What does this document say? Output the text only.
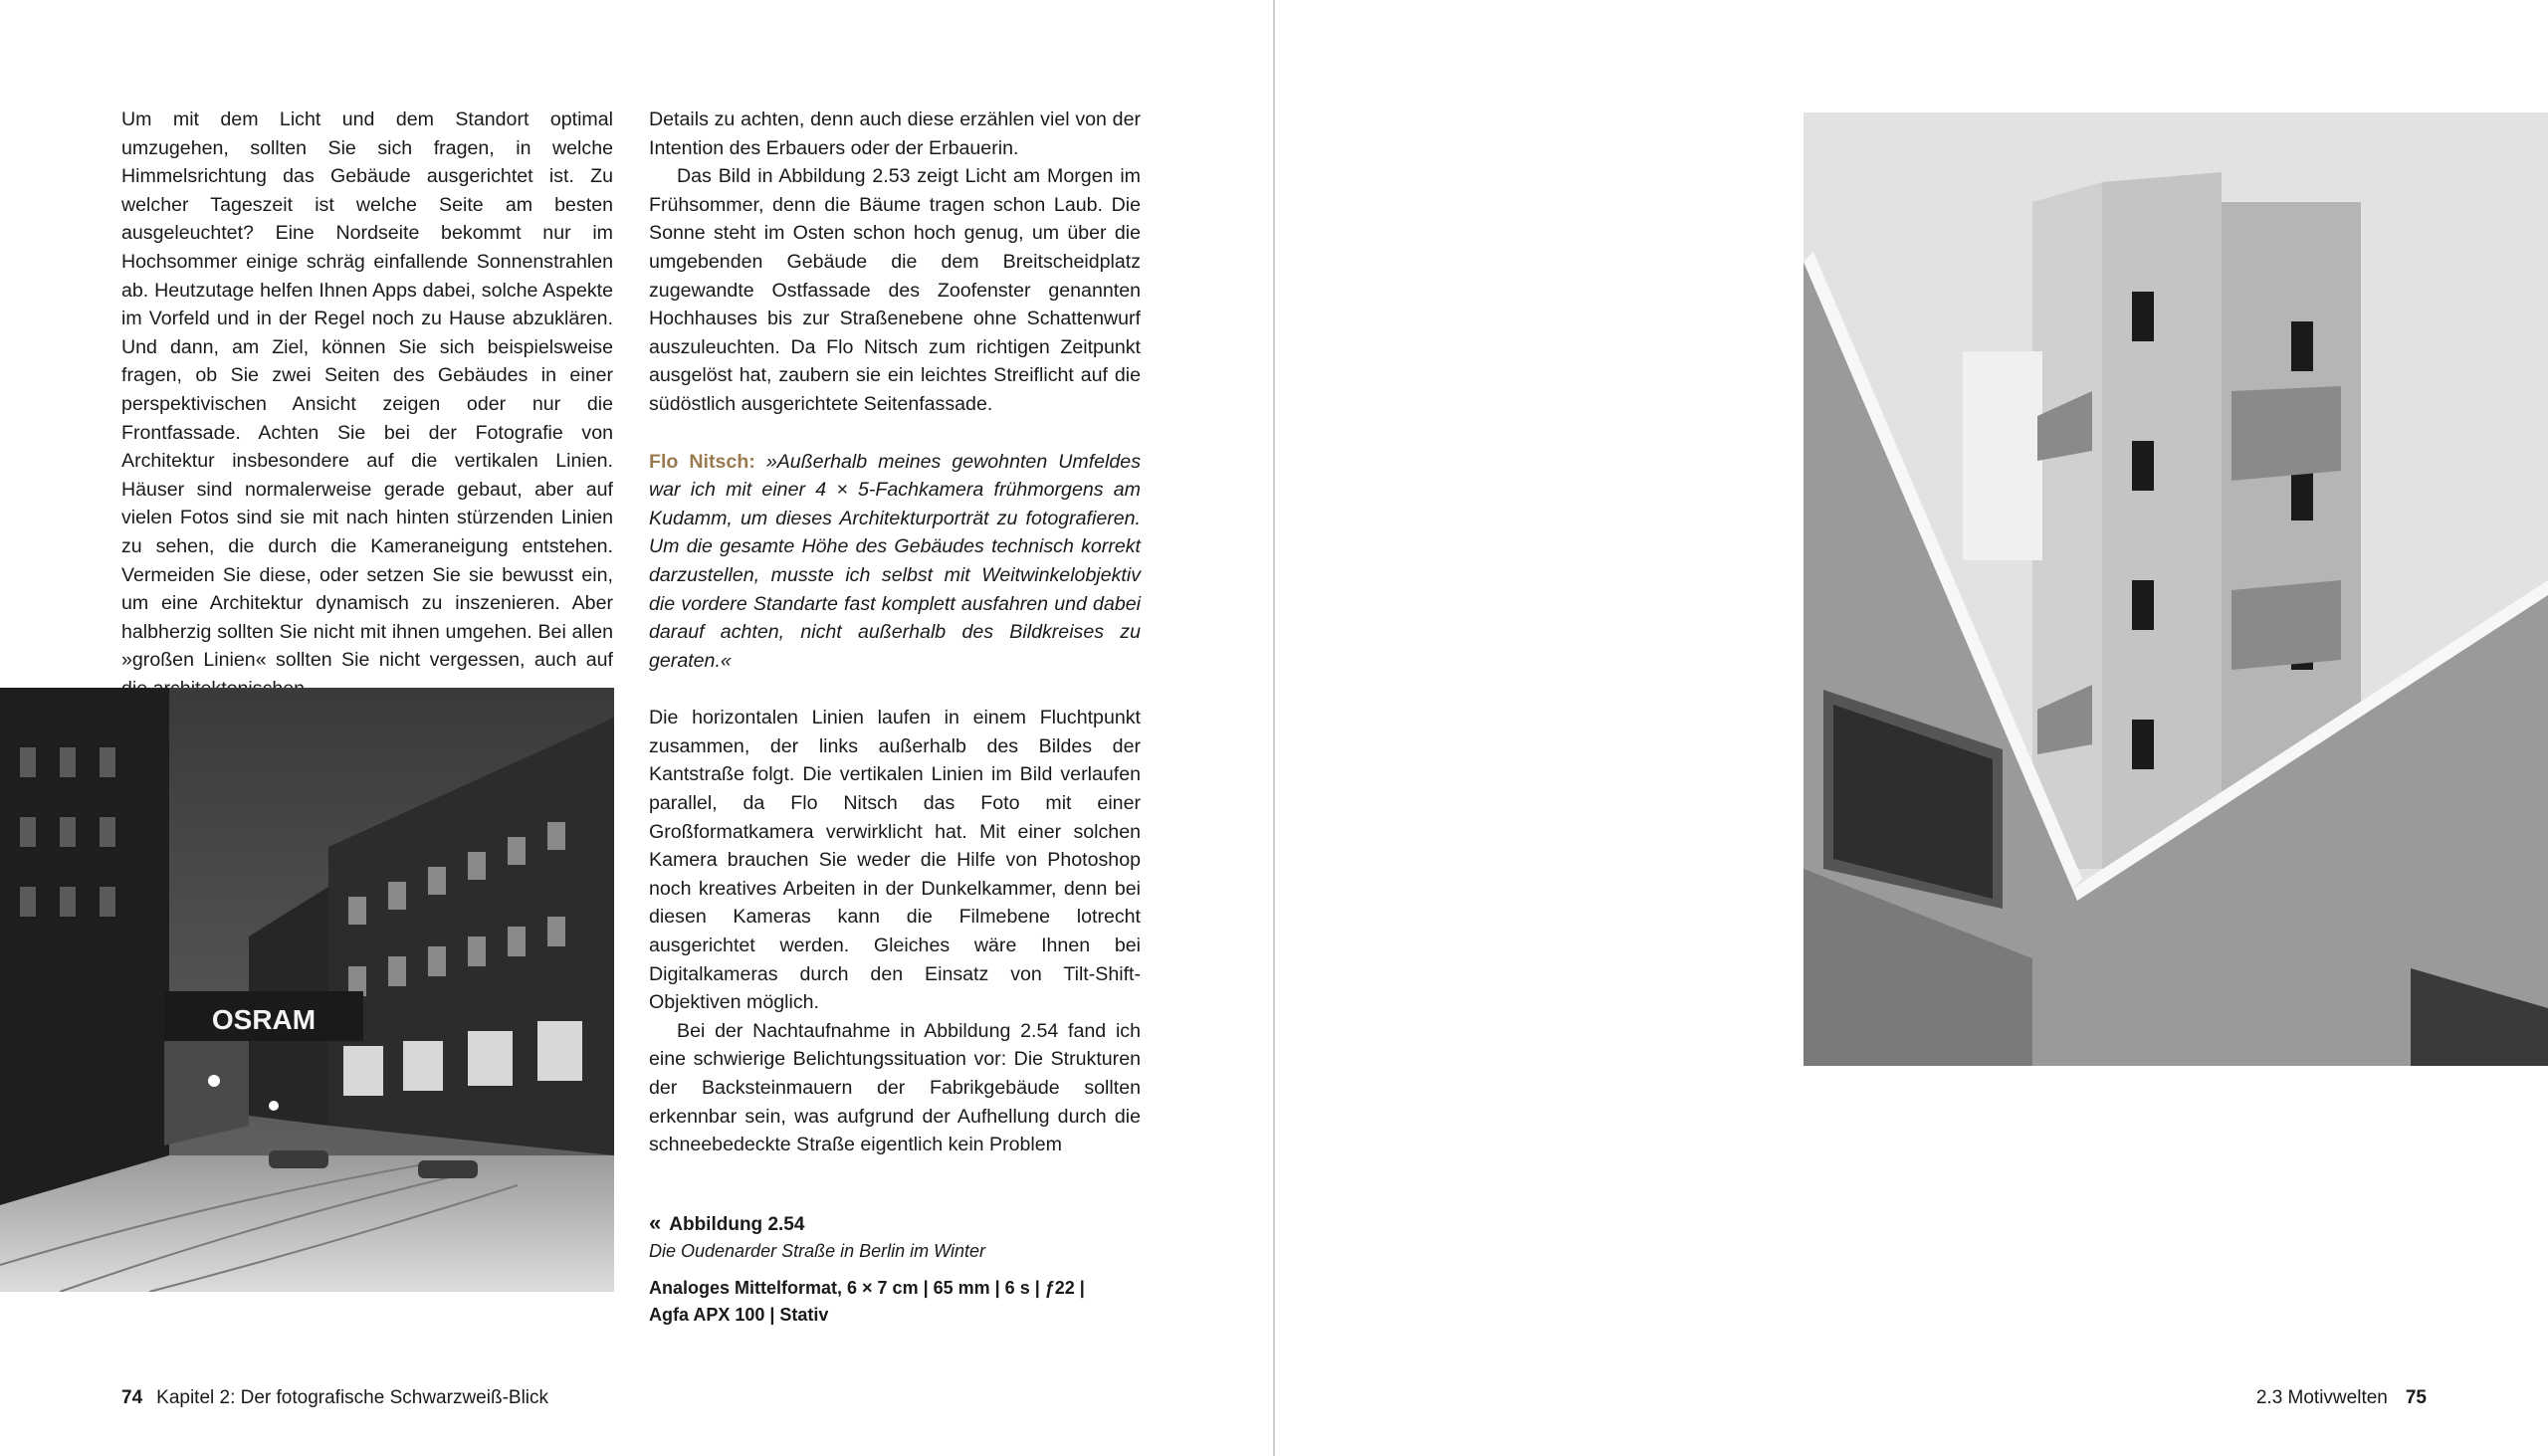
Um mit dem Licht und dem Standort optimal umzugehen, sollten Sie sich fragen, in welche Himmelsrichtung das Gebäude ausgerichtet ist. Zu welcher Tageszeit ist welche Seite am besten ausgeleuchtet? Eine Nordseite bekommt nur im Hochsommer einige schräg einfallende Sonnenstrahlen ab. Heutzutage helfen Ihnen Apps dabei, solche Aspekte im Vorfeld und in der Regel noch zu Hause abzuklären. Und dann, am Ziel, können Sie sich beispielsweise fragen, ob Sie zwei Seiten des Gebäudes in einer perspektivischen Ansicht zeigen oder nur die Frontfassade. Achten Sie bei der Fotografie von Architektur insbesondere auf die vertikalen Linien. Häuser sind normalerweise gerade gebaut, aber auf vielen Fotos sind sie mit nach hinten stürzenden Linien zu sehen, die durch die Kameraneigung entstehen. Vermeiden Sie diese, oder setzen Sie sie bewusst ein, um eine Architektur dynamisch zu inszenieren. Aber halbherzig sollten Sie nicht mit ihnen umgehen. Bei allen »großen Linien« sollten Sie nicht vergessen, auch auf

Details zu achten, denn auch diese erzählen viel von der Intention des Erbauers oder der Erbauerin.

Das Bild in Abbildung 2.53 zeigt Licht am Morgen im Frühsommer, denn die Bäume tragen schon Laub. Die Sonne steht im Osten schon hoch genug, um über die umgebenden Gebäude die dem Breitscheidplatz zugewandte Ostfassade des Zoofenster genannten Hochhauses bis zur Straßenebene ohne Schattenwurf auszuleuchten. Da Flo Nitsch zum richtigen Zeitpunkt ausgelöst hat, zaubern sie ein leichtes Streiflicht auf die südöstlich ausgerichtete Seitenfassade.

Flo Nitsch: »Außerhalb meines gewohnten Umfeldes war ich mit einer 4 × 5-Fachkamera frühmorgens am Kudamm, um dieses Architekturporträt zu fotografieren. Um die gesamte Höhe des Gebäudes technisch korrekt darzustellen, musste ich selbst mit Weitwinkelobjektiv die vordere Standarte fast komplett ausfahren und dabei darauf achten, nicht außerhalb des Bildkreises zu geraten.«

Die horizontalen Linien laufen in einem Fluchtpunkt zusammen, der links außerhalb des Bildes der Kantstraße folgt. Die vertikalen Linien im Bild verlaufen parallel, da Flo Nitsch das Foto mit einer Großformatkamera verwirklicht hat. Mit einer solchen Kamera brauchen Sie weder die Hilfe von Photoshop noch kreatives Arbeiten in der Dunkelkammer, denn bei diesen Kameras kann die Filmebene lotrecht ausgerichtet werden. Gleiches wäre Ihnen bei Digitalkameras durch den Einsatz von Tilt-Shift-Objektiven möglich.

Bei der Nachtaufnahme in Abbildung 2.54 fand ich eine schwierige Belichtungssituation vor: Die Strukturen der Backsteinmauern der Fabrikgebäude sollten erkennbar sein, was aufgrund der Aufhellung durch die schneebedeckte Straße eigentlich kein Problem

OSRAM
« Abbildung 2.54
Die Oudenarder Straße in Berlin im Winter
Analoges Mittelformat, 6 × 7 cm | 65 mm | 6 s | ƒ22 | Agfa APX 100 | Stativ
74 Kapitel 2: Der fotografische Schwarzweiß-Blick	2.3 Motivwelten 75
